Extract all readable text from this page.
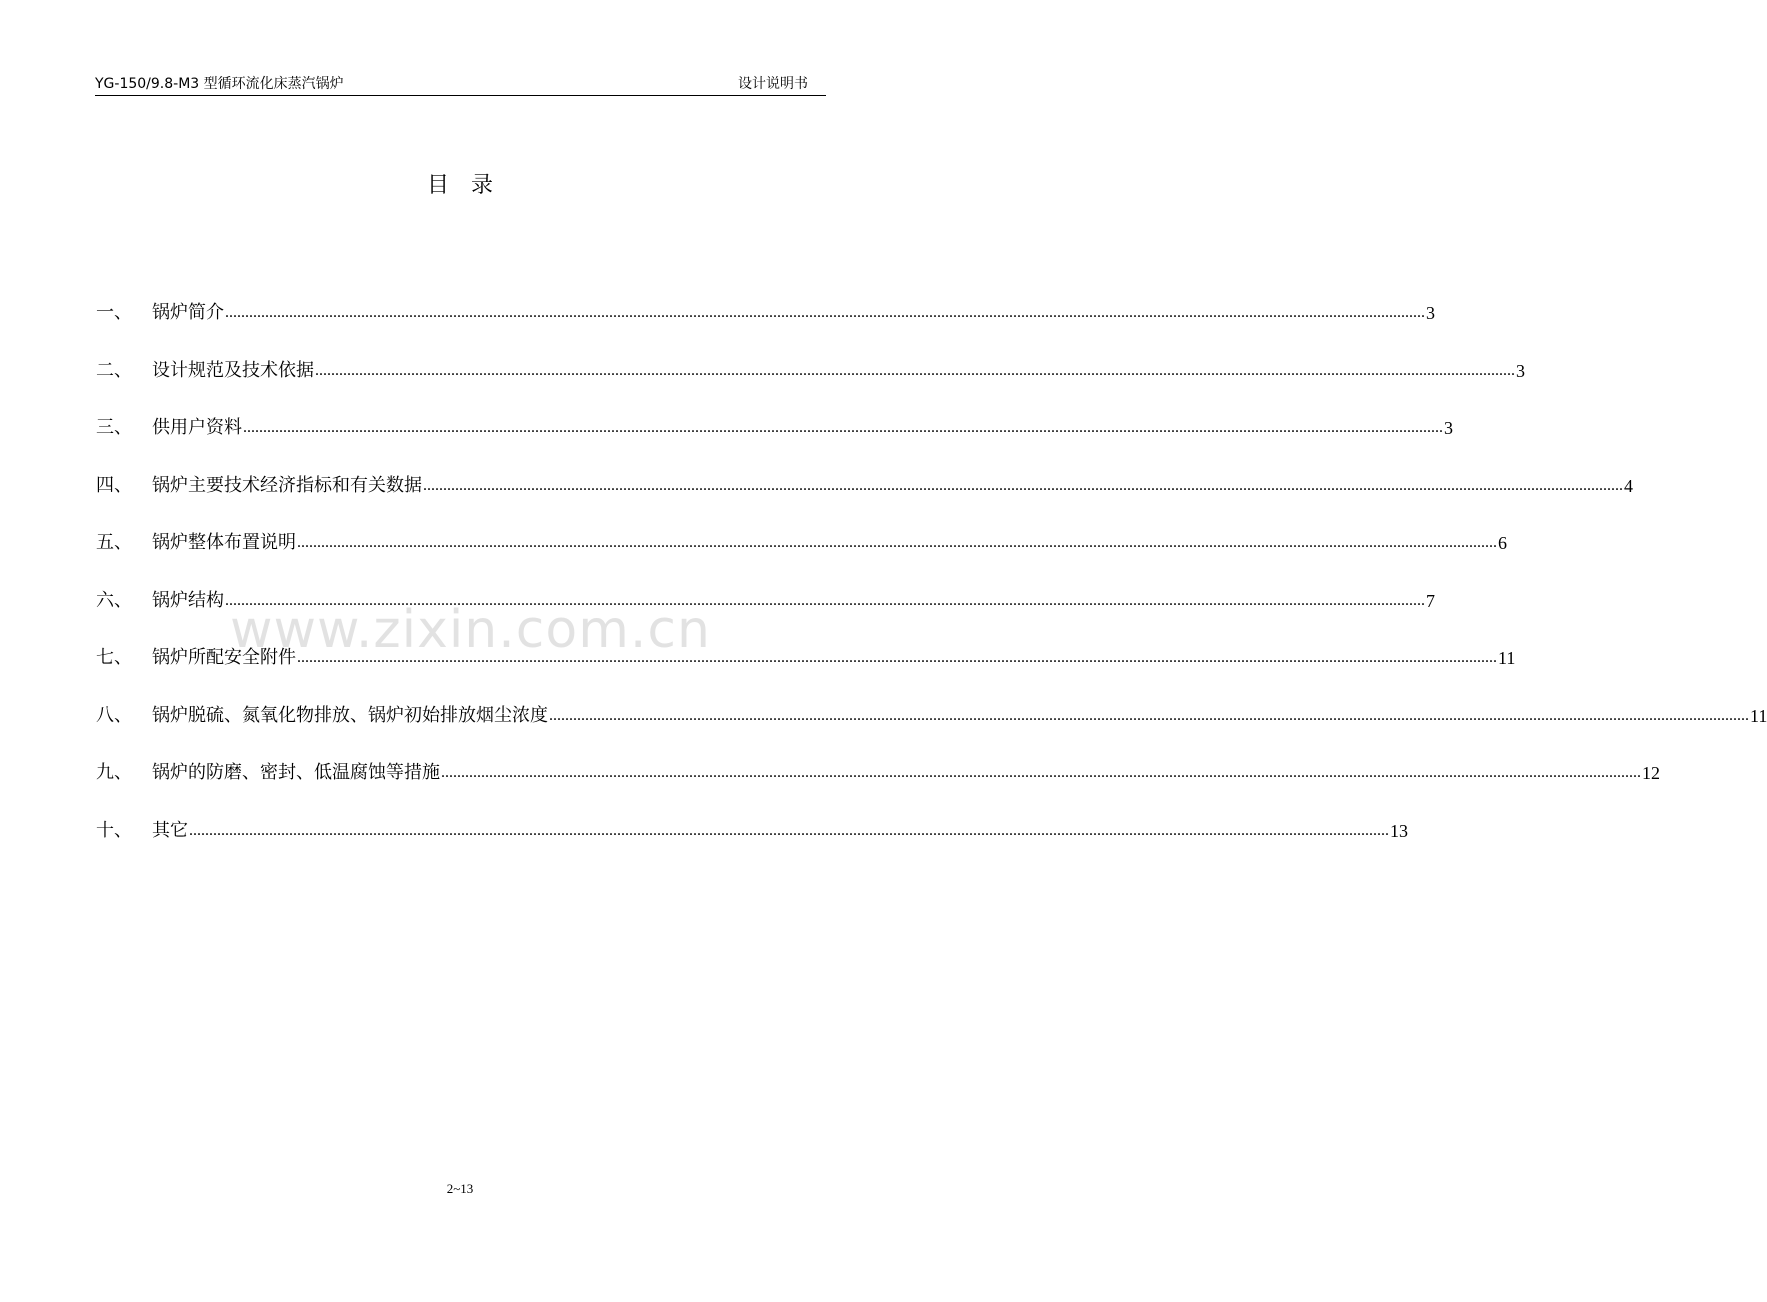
YG-150/9.8-M3 型循环流化床蒸汽锅炉	设计说明书
目录
一、	锅炉简介 ............................................................................................................................................................................................................................................................................................................ 3
二、	设计规范及技术依据 ............................................................................................................................................................................................................................................................................................................ 3
三、	供用户资料 ............................................................................................................................................................................................................................................................................................................ 3
四、	锅炉主要技术经济指标和有关数据 ............................................................................................................................................................................................................................................................................................................ 4
五、	锅炉整体布置说明 ............................................................................................................................................................................................................................................................................................................ 6
六、	锅炉结构 ............................................................................................................................................................................................................................................................................................................ 7
七、	锅炉所配安全附件 ............................................................................................................................................................................................................................................................................................................ 11
八、	锅炉脱硫、氮氧化物排放、锅炉初始排放烟尘浓度 ............................................................................................................................................................................................................................................................................................................ 11
九、	锅炉的防磨、密封、低温腐蚀等措施 ............................................................................................................................................................................................................................................................................................................ 12
十、	其它 ............................................................................................................................................................................................................................................................................................................ 13
www.zixin.com.cn
2~13
